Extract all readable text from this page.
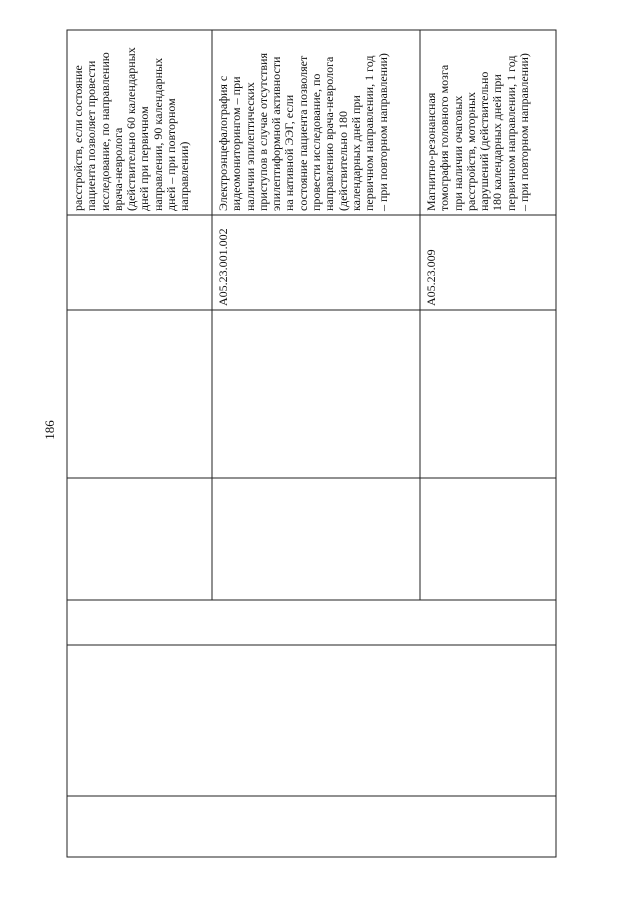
186
расстройств, если состояние
пациента позволяет провести
исследование, по направлению
врача-невролога
(действительно 60 календарных
дней при первичном
направлении, 90 календарных
дней – при повторном
направлении)
A05.23.001.002
Электроэнцефалография с
видеомониторингом – при
наличии эпилептических
приступов в случае отсутствия
эпилептиформной активности
на нативной ЭЭГ, если
состояние пациента позволяет
провести исследование, по
направлению врача-невролога
(действительно 180
календарных дней при
первичном направлении, 1 год
– при повторном направлении)
A05.23.009
Магнитно-резонансная
томография головного мозга
при наличии очаговых
расстройств, моторных
нарушений (действительно
180 календарных дней при
первичном направлении, 1 год
– при повторном направлении)
